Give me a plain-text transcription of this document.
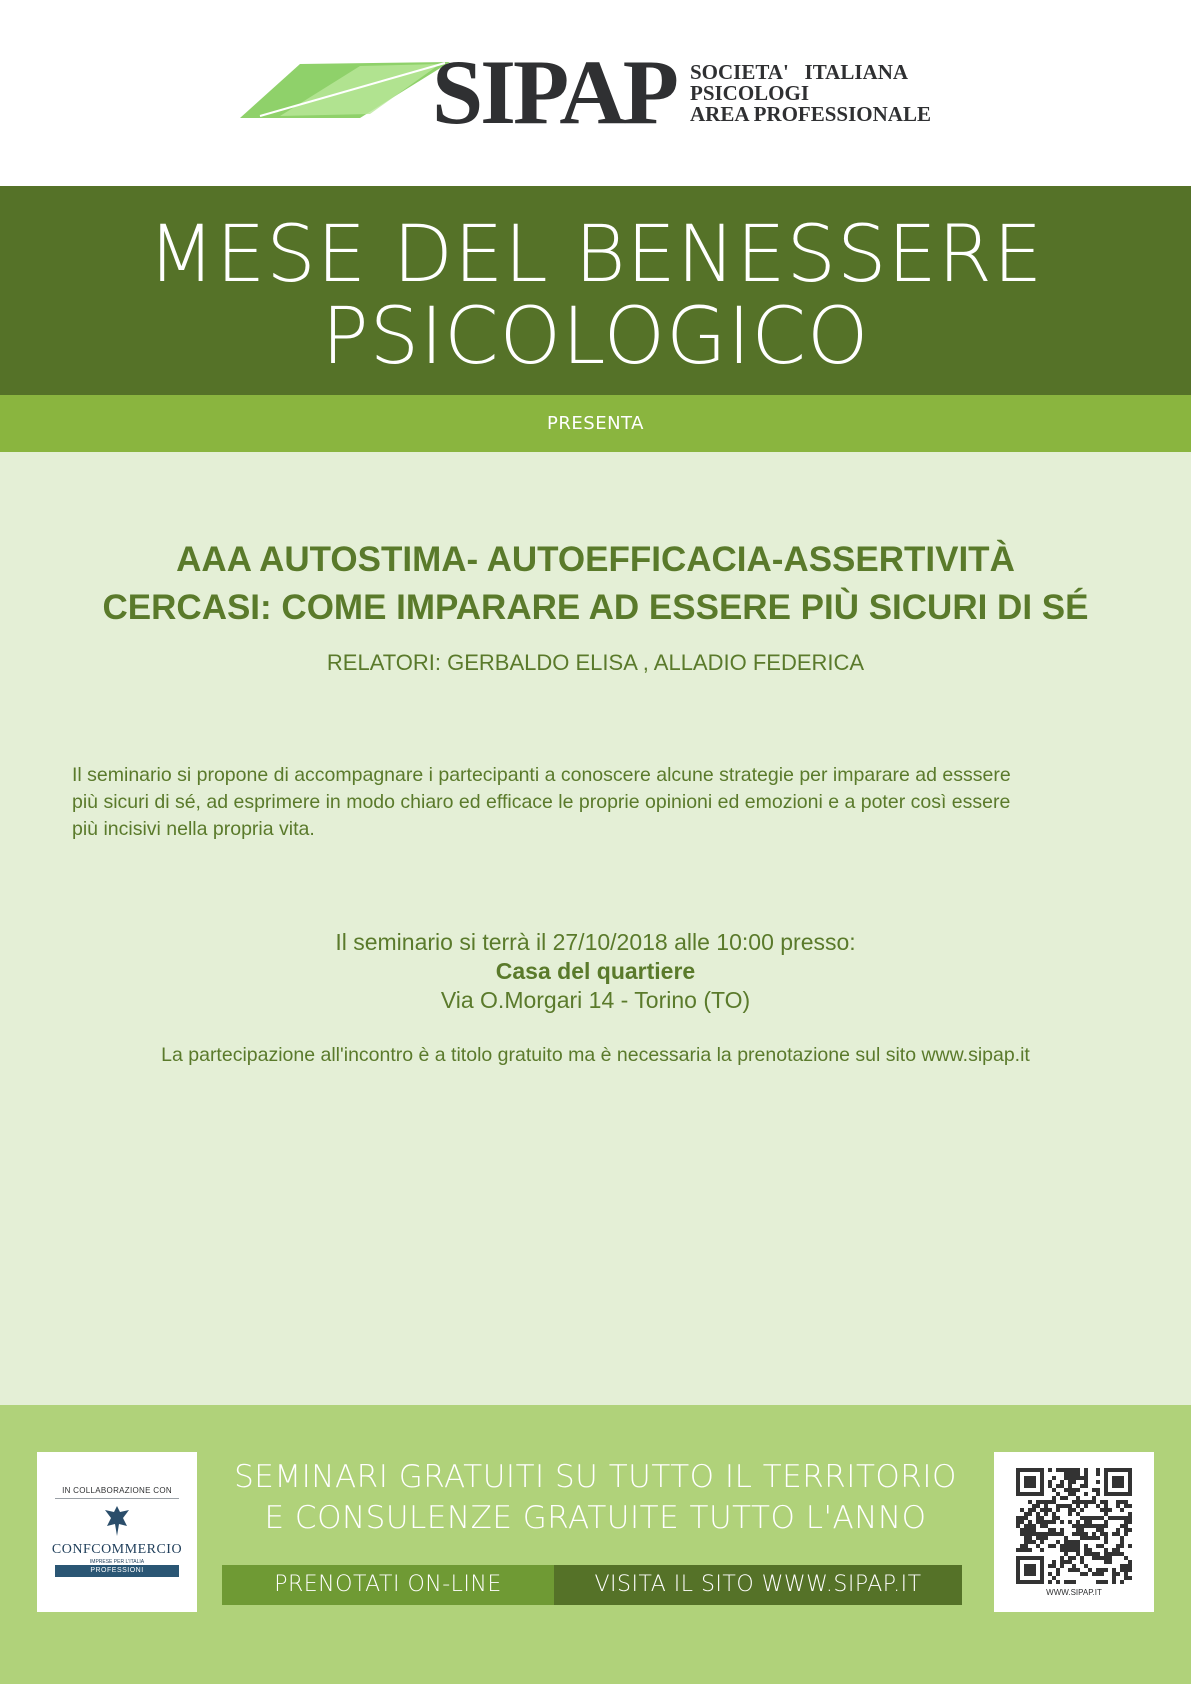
SIPAP SOCIETA'   ITALIANA
PSICOLOGI
AREA PROFESSIONALE
MESE DEL BENESSERE
PSICOLOGICO
PRESENTA
AAA AUTOSTIMA- AUTOEFFICACIA-ASSERTIVITÀ
CERCASI: COME IMPARARE AD ESSERE PIÙ SICURI DI SÉ
RELATORI: GERBALDO ELISA , ALLADIO FEDERICA
Il seminario si propone di accompagnare i partecipanti a conoscere alcune strategie per imparare ad esssere
più sicuri di sé, ad esprimere in modo chiaro ed efficace le proprie opinioni ed emozioni e a poter così essere
più incisivi nella propria vita.
Il seminario si terrà il 27/10/2018 alle 10:00 presso:
Casa del quartiere
Via O.Morgari 14 - Torino (TO)
La partecipazione all'incontro è a titolo gratuito ma è necessaria la prenotazione sul sito www.sipap.it
IN COLLABORAZIONE CON
CONFCOMMERCIO
IMPRESE PER L'ITALIA
PROFESSIONI
SEMINARI GRATUITI SU TUTTO IL TERRITORIO
E CONSULENZE GRATUITE TUTTO L'ANNO
PRENOTATI ON-LINE	VISITA IL SITO WWW.SIPAP.IT	WWW.SIPAP.IT
